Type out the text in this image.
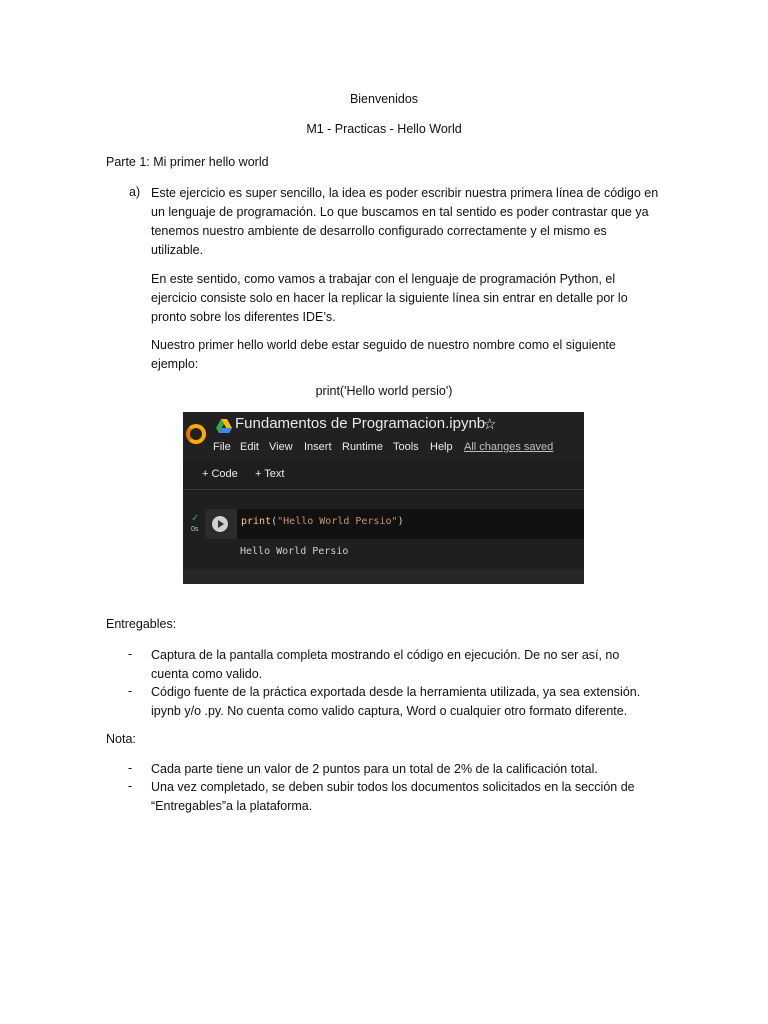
Bienvenidos
M1 - Practicas - Hello World
Parte 1: Mi primer hello world
a) Este ejercicio es super sencillo, la idea es poder escribir nuestra primera línea de código en
un lenguaje de programación. Lo que buscamos en tal sentido es poder contrastar que ya
tenemos nuestro ambiente de desarrollo configurado correctamente y el mismo es
utilizable.
En este sentido, como vamos a trabajar con el lenguaje de programación Python, el
ejercicio consiste solo en hacer la replicar la siguiente línea sin entrar en detalle por lo
pronto sobre los diferentes IDE’s.
Nuestro primer hello world debe estar seguido de nuestro nombre como el siguiente
ejemplo:
print('Hello world persio')
Fundamentos de Programacion.ipynb
☆
File Edit View Insert Runtime Tools Help All changes saved
+ Code + Text
✓
0s
print("Hello World Persio")
Hello World Persio
Entregables:
- Captura de la pantalla completa mostrando el código en ejecución. De no ser así, no
cuenta como valido.
- Código fuente de la práctica exportada desde la herramienta utilizada, ya sea extensión.
ipynb y/o .py. No cuenta como valido captura, Word o cualquier otro formato diferente.
Nota:
- Cada parte tiene un valor de 2 puntos para un total de 2% de la calificación total.
- Una vez completado, se deben subir todos los documentos solicitados en la sección de
“Entregables”a la plataforma.
